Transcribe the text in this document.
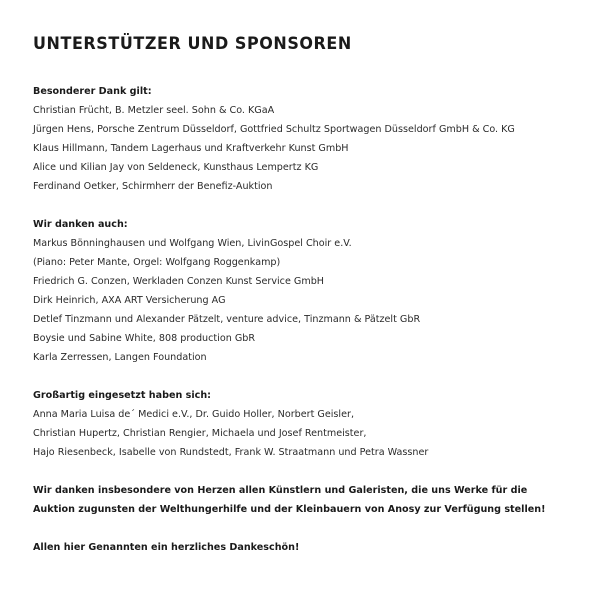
UNTERSTÜTZER UND SPONSOREN
Besonderer Dank gilt:
Christian Frücht, B. Metzler seel. Sohn & Co. KGaA
Jürgen Hens, Porsche Zentrum Düsseldorf, Gottfried Schultz Sportwagen Düsseldorf GmbH & Co. KG
Klaus Hillmann, Tandem Lagerhaus und Kraftverkehr Kunst GmbH
Alice und Kilian Jay von Seldeneck, Kunsthaus Lempertz KG
Ferdinand Oetker, Schirmherr der Benefiz-Auktion
Wir danken auch:
Markus Bönninghausen und Wolfgang Wien, LivinGospel Choir e.V.
(Piano: Peter Mante, Orgel: Wolfgang Roggenkamp)
Friedrich G. Conzen, Werkladen Conzen Kunst Service GmbH
Dirk Heinrich, AXA ART Versicherung AG
Detlef Tinzmann und Alexander Pätzelt, venture advice, Tinzmann & Pätzelt GbR
Boysie und Sabine White, 808 production GbR
Karla Zerressen, Langen Foundation
Großartig eingesetzt haben sich:
Anna Maria Luisa de´ Medici e.V., Dr. Guido Holler, Norbert Geisler,
Christian Hupertz, Christian Rengier, Michaela und Josef Rentmeister,
Hajo Riesenbeck, Isabelle von Rundstedt, Frank W. Straatmann und Petra Wassner
Wir danken insbesondere von Herzen allen Künstlern und Galeristen, die uns Werke für die
Auktion zugunsten der Welthungerhilfe und der Kleinbauern von Anosy zur Verfügung stellen!
Allen hier Genannten ein herzliches Dankeschön!
